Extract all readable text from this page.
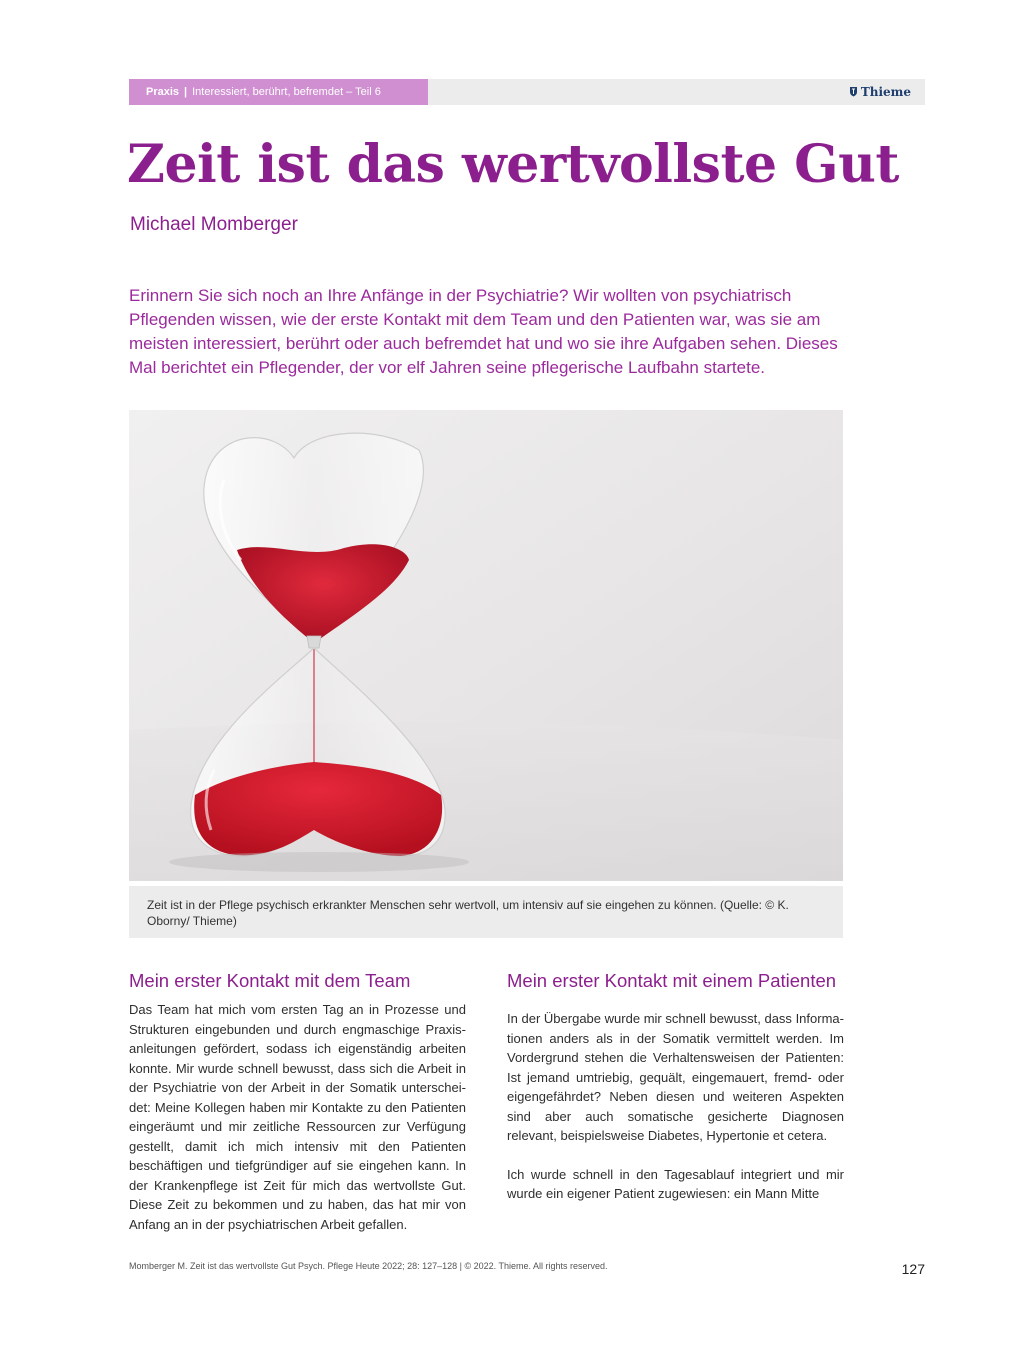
Praxis | Interessiert, berührt, befremdet – Teil 6	Thieme
Zeit ist das wertvollste Gut
Michael Momberger

Erinnern Sie sich noch an Ihre Anfänge in der Psychiatrie? Wir wollten von psychiatrisch Pflegenden wissen, wie der erste Kontakt mit dem Team und den Patienten war, was sie am meisten interessiert, berührt oder auch befremdet hat und wo sie ihre Aufgaben sehen. Dieses Mal berichtet ein Pflegender, der vor elf Jahren seine pflegerische Laufbahn startete.

Zeit ist in der Pflege psychisch erkrankter Menschen sehr wertvoll, um intensiv auf sie eingehen zu können. (Quelle: © K. Oborny/ Thieme)
Mein erster Kontakt mit dem Team

Das Team hat mich vom ersten Tag an in Prozesse und Strukturen eingebunden und durch engmaschige Praxisanleitungen gefördert, sodass ich eigenständig arbeiten konnte. Mir wurde schnell bewusst, dass sich die Arbeit in der Psychiatrie von der Arbeit in der Somatik unterscheidet: Meine Kollegen haben mir Kontakte zu den Patienten eingeräumt und mir zeitliche Ressourcen zur Verfügung gestellt, damit ich mich intensiv mit den Patienten beschäftigen und tiefgründiger auf sie eingehen kann. In der Krankenpflege ist Zeit für mich das wertvollste Gut. Diese Zeit zu bekommen und zu haben, das hat mir von Anfang an in der psychiatrischen Arbeit gefallen.

Mein erster Kontakt mit einem Patienten

In der Übergabe wurde mir schnell bewusst, dass Informationen anders als in der Somatik vermittelt werden. Im Vordergrund stehen die Verhaltensweisen der Patienten: Ist jemand umtriebig, gequält, eingemauert, fremd- oder eigengefährdet? Neben diesen und weiteren Aspekten sind aber auch somatische gesicherte Diagnosen relevant, beispielsweise Diabetes, Hypertonie et cetera.

Ich wurde schnell in den Tagesablauf integriert und mir wurde ein eigener Patient zugewiesen: ein Mann Mitte

Momberger M. Zeit ist das wertvollste Gut Psych. Pflege Heute 2022; 28: 127–128 | © 2022. Thieme. All rights reserved.	127
